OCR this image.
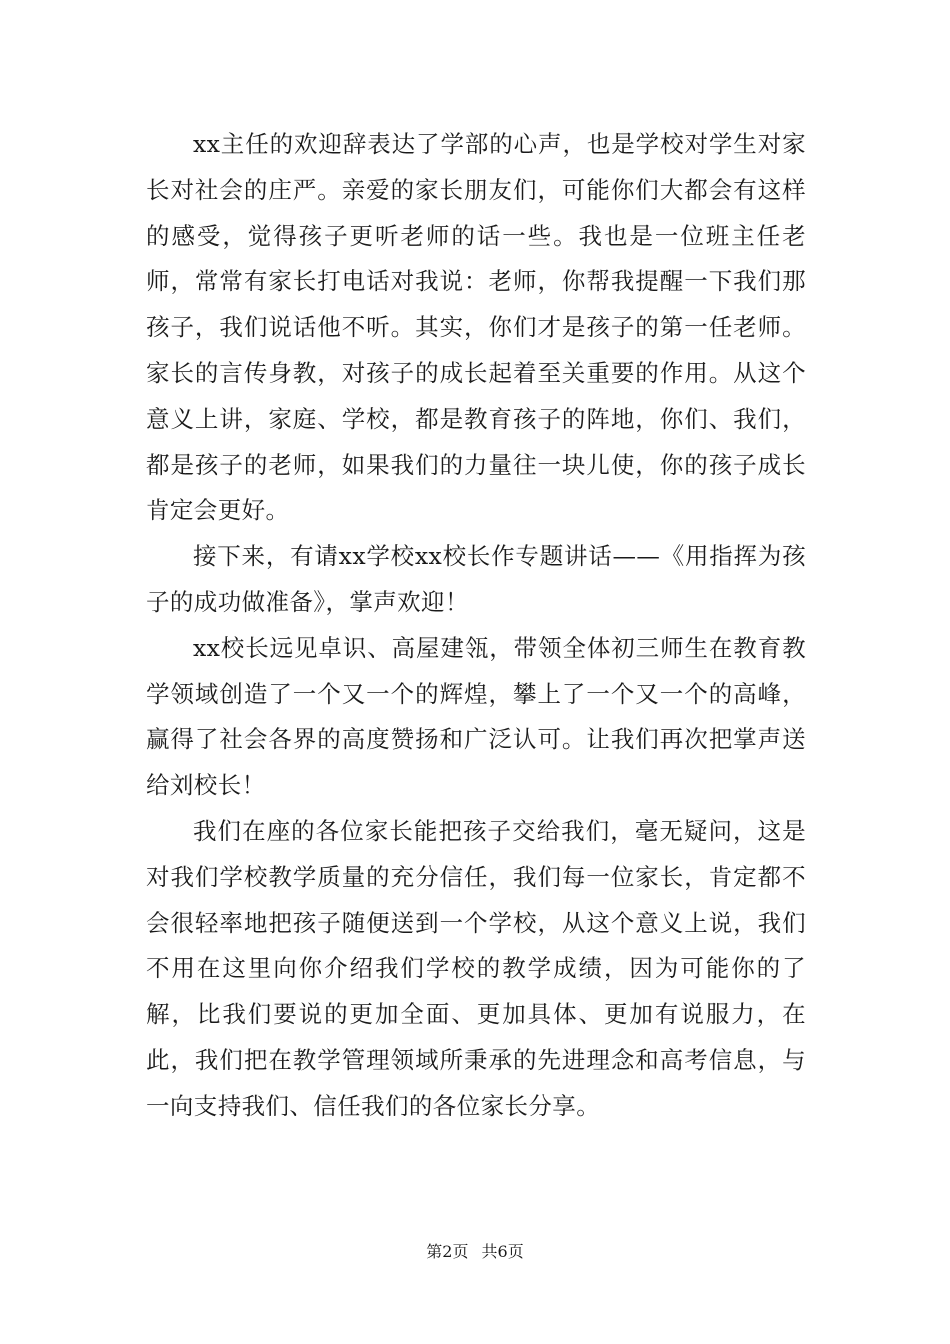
xx主任的欢迎辞表达了学部的心声，也是学校对学生对家长对社会的庄严。亲爱的家长朋友们，可能你们大都会有这样的感受，觉得孩子更听老师的话一些。我也是一位班主任老师，常常有家长打电话对我说：老师，你帮我提醒一下我们那孩子，我们说话他不听。其实，你们才是孩子的第一任老师。家长的言传身教，对孩子的成长起着至关重要的作用。从这个意义上讲，家庭、学校，都是教育孩子的阵地，你们、我们，都是孩子的老师，如果我们的力量往一块儿使，你的孩子成长肯定会更好。

接下来，有请xx学校xx校长作专题讲话——《用指挥为孩子的成功做准备》，掌声欢迎！

xx校长远见卓识、高屋建瓴，带领全体初三师生在教育教学领域创造了一个又一个的辉煌，攀上了一个又一个的高峰，赢得了社会各界的高度赞扬和广泛认可。让我们再次把掌声送给刘校长！

我们在座的各位家长能把孩子交给我们，毫无疑问，这是对我们学校教学质量的充分信任，我们每一位家长，肯定都不会很轻率地把孩子随便送到一个学校，从这个意义上说，我们不用在这里向你介绍我们学校的教学成绩，因为可能你的了解，比我们要说的更加全面、更加具体、更加有说服力，在此，我们把在教学管理领域所秉承的先进理念和高考信息，与一向支持我们、信任我们的各位家长分享。

第2页 共6页
